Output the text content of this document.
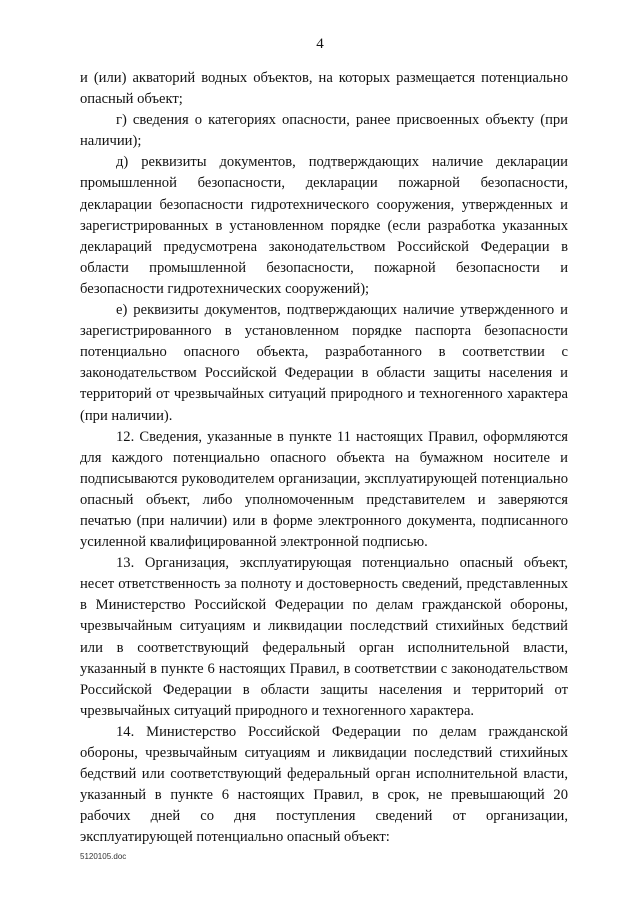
4

и (или) акваторий водных объектов, на которых размещается потенциально опасный объект;

г) сведения о категориях опасности, ранее присвоенных объекту (при наличии);

д) реквизиты документов, подтверждающих наличие декларации промышленной безопасности, декларации пожарной безопасности, декларации безопасности гидротехнического сооружения, утвержденных и зарегистрированных в установленном порядке (если разработка указанных деклараций предусмотрена законодательством Российской Федерации в области промышленной безопасности, пожарной безопасности и безопасности гидротехнических сооружений);

е) реквизиты документов, подтверждающих наличие утвержденного и зарегистрированного в установленном порядке паспорта безопасности потенциально опасного объекта, разработанного в соответствии с законодательством Российской Федерации в области защиты населения и территорий от чрезвычайных ситуаций природного и техногенного характера (при наличии).

12. Сведения, указанные в пункте 11 настоящих Правил, оформляются для каждого потенциально опасного объекта на бумажном носителе и подписываются руководителем организации, эксплуатирующей потенциально опасный объект, либо уполномоченным представителем и заверяются печатью (при наличии) или в форме электронного документа, подписанного усиленной квалифицированной электронной подписью.

13. Организация, эксплуатирующая потенциально опасный объект, несет ответственность за полноту и достоверность сведений, представленных в Министерство Российской Федерации по делам гражданской обороны, чрезвычайным ситуациям и ликвидации последствий стихийных бедствий или в соответствующий федеральный орган исполнительной власти, указанный в пункте 6 настоящих Правил, в соответствии с законодательством Российской Федерации в области защиты населения и территорий от чрезвычайных ситуаций природного и техногенного характера.

14. Министерство Российской Федерации по делам гражданской обороны, чрезвычайным ситуациям и ликвидации последствий стихийных бедствий или соответствующий федеральный орган исполнительной власти, указанный в пункте 6 настоящих Правил, в срок, не превышающий 20 рабочих дней со дня поступления сведений от организации, эксплуатирующей потенциально опасный объект:

5120105.doc
